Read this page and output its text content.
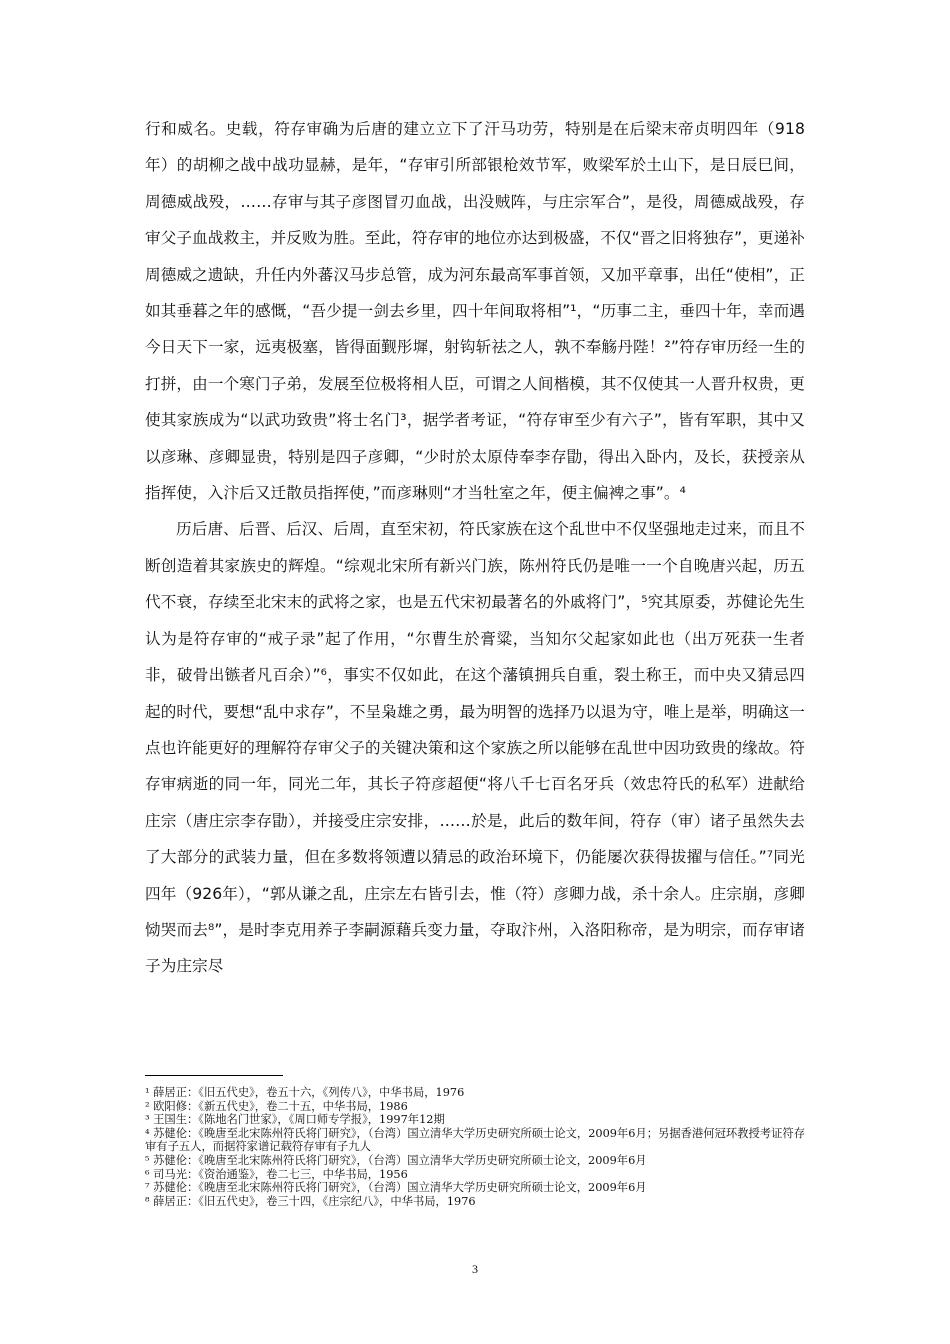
行和威名。史载，符存审确为后唐的建立立下了汗马功劳，特别是在后梁末帝贞明四年（918年）的胡柳之战中战功显赫，是年，“存审引所部银枪效节军，败梁军於土山下，是日辰巳间，周德威战殁，……存审与其子彦图冒刃血战，出没贼阵，与庄宗军合”，是役，周德威战殁，存审父子血战救主，并反败为胜。至此，符存审的地位亦达到极盛，不仅“晋之旧将独存”，更递补周德威之遗缺，升任内外蕃汉马步总管，成为河东最高军事首领，又加平章事，出任“使相”，正如其垂暮之年的感慨，“吾少提一剑去乡里，四十年间取将相”¹，“历事二主，垂四十年，幸而遇今日天下一家，远夷极塞，皆得面觐彤墀，射钩斩祛之人，孰不奉觞丹陛！²”符存审历经一生的打拼，由一个寒门子弟，发展至位极将相人臣，可谓之人间楷模，其不仅使其一人晋升权贵，更使其家族成为“以武功致贵”将士名门³，据学者考证，“符存审至少有六子”，皆有军职，其中又以彦琳、彦卿显贵，特别是四子彦卿，“少时於太原侍奉李存勖，得出入卧内，及长，获授亲从指挥使，入汴后又迁散员指挥使，”而彦琳则“才当牡室之年，便主偏裨之事”。⁴

历后唐、后晋、后汉、后周，直至宋初，符氏家族在这个乱世中不仅坚强地走过来，而且不断创造着其家族史的辉煌。“综观北宋所有新兴门族，陈州符氏仍是唯一一个自晚唐兴起，历五代不衰，存续至北宋末的武将之家，也是五代宋初最著名的外戚将门”，⁵究其原委，苏健论先生认为是符存审的“戒子录”起了作用，“尔曹生於膏粱，当知尔父起家如此也（出万死获一生者非，破骨出镞者凡百余）”⁶，事实不仅如此，在这个藩镇拥兵自重，裂土称王，而中央又猜忌四起的时代，要想“乱中求存”，不呈枭雄之勇，最为明智的选择乃以退为守，唯上是举，明确这一点也许能更好的理解符存审父子的关键决策和这个家族之所以能够在乱世中因功致贵的缘故。符存审病逝的同一年，同光二年，其长子符彦超便“将八千七百名牙兵（效忠符氏的私军）进献给庄宗（唐庄宗李存勖），并接受庄宗安排，……於是，此后的数年间，符存（审）诸子虽然失去了大部分的武装力量，但在多数将领遭以猜忌的政治环境下，仍能屡次获得拔擢与信任。”⁷同光四年（926年），“郭从谦之乱，庄宗左右皆引去，惟（符）彦卿力战，杀十余人。庄宗崩，彦卿恸哭而去⁸”，是时李克用养子李嗣源藉兵变力量，夺取汴州，入洛阳称帝，是为明宗，而存审诸子为庄宗尽

¹ 薛居正：《旧五代史》，卷五十六，《列传八》，中华书局，1976

² 欧阳修：《新五代史》，卷二十五，中华书局，1986

³ 王国生：《陈地名门世家》，《周口师专学报》，1997年12期

⁴ 苏健伦：《晚唐至北宋陈州符氏将门研究》，（台湾）国立清华大学历史研究所硕士论文，2009年6月；另据香港何冠环教授考证符存审有子五人，而据符家谱记载符存审有子九人

⁵ 苏健伦：《晚唐至北宋陈州符氏将门研究》，（台湾）国立清华大学历史研究所硕士论文，2009年6月

⁶ 司马光：《资治通鉴》，卷二七三，中华书局，1956

⁷ 苏健伦：《晚唐至北宋陈州符氏将门研究》，（台湾）国立清华大学历史研究所硕士论文，2009年6月

⁸ 薛居正：《旧五代史》，卷三十四，《庄宗纪八》，中华书局，1976

3
